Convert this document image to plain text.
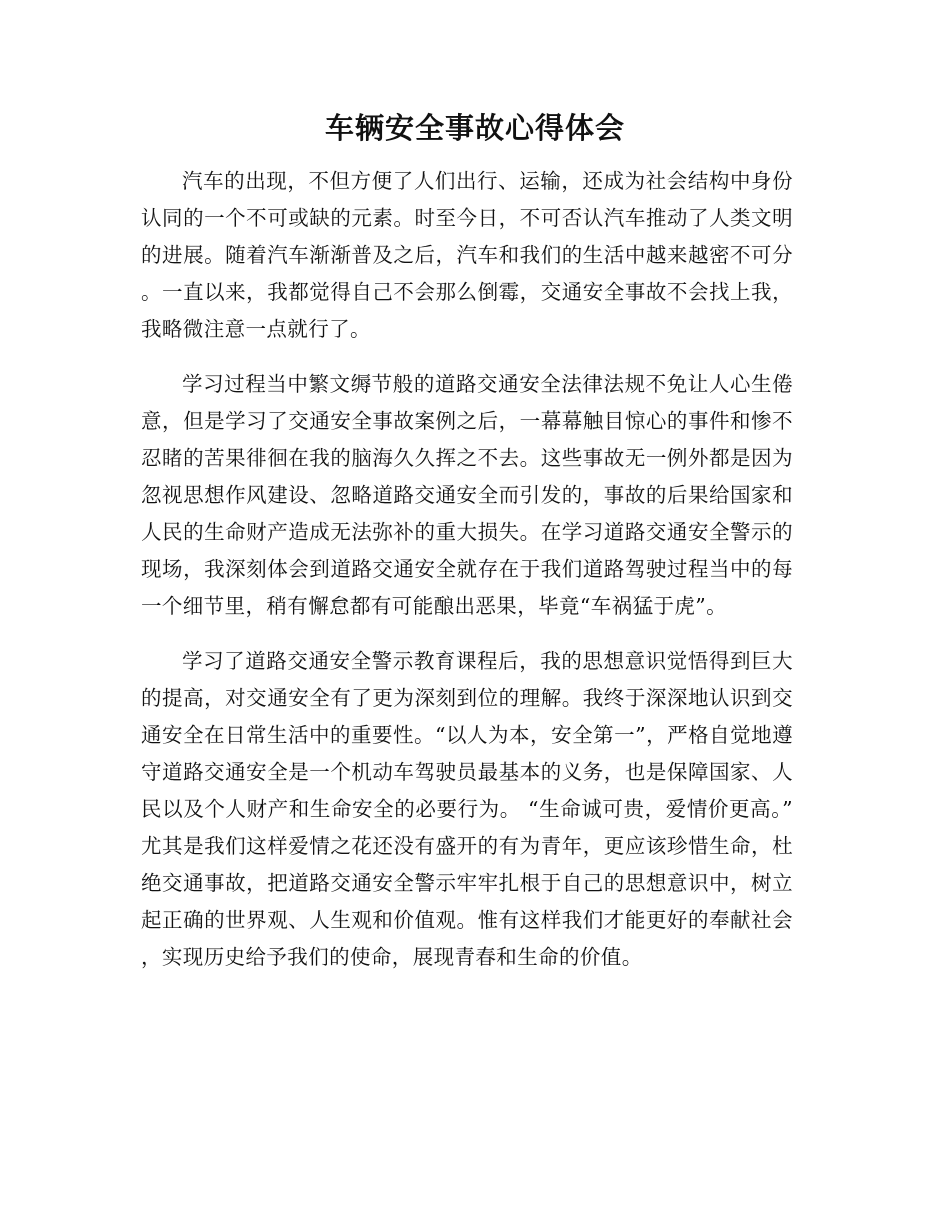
车辆安全事故心得体会

汽车的出现，不但方便了人们出行、运输，还成为社会结构中身份认同的一个不可或缺的元素。时至今日，不可否认汽车推动了人类文明的进展。随着汽车渐渐普及之后，汽车和我们的生活中越来越密不可分。一直以来，我都觉得自己不会那么倒霉，交通安全事故不会找上我，我略微注意一点就行了。

学习过程当中繁文缛节般的道路交通安全法律法规不免让人心生倦意，但是学习了交通安全事故案例之后，一幕幕触目惊心的事件和惨不忍睹的苦果徘徊在我的脑海久久挥之不去。这些事故无一例外都是因为忽视思想作风建设、忽略道路交通安全而引发的，事故的后果给国家和人民的生命财产造成无法弥补的重大损失。在学习道路交通安全警示的现场，我深刻体会到道路交通安全就存在于我们道路驾驶过程当中的每一个细节里，稍有懈怠都有可能酿出恶果，毕竟“车祸猛于虎”。

学习了道路交通安全警示教育课程后，我的思想意识觉悟得到巨大的提高，对交通安全有了更为深刻到位的理解。我终于深深地认识到交通安全在日常生活中的重要性。“以人为本，安全第一”，严格自觉地遵守道路交通安全是一个机动车驾驶员最基本的义务，也是保障国家、人民以及个人财产和生命安全的必要行为。 “生命诚可贵，爱情价更高。”尤其是我们这样爱情之花还没有盛开的有为青年，更应该珍惜生命，杜绝交通事故，把道路交通安全警示牢牢扎根于自己的思想意识中，树立起正确的世界观、人生观和价值观。惟有这样我们才能更好的奉献社会，实现历史给予我们的使命，展现青春和生命的价值。
